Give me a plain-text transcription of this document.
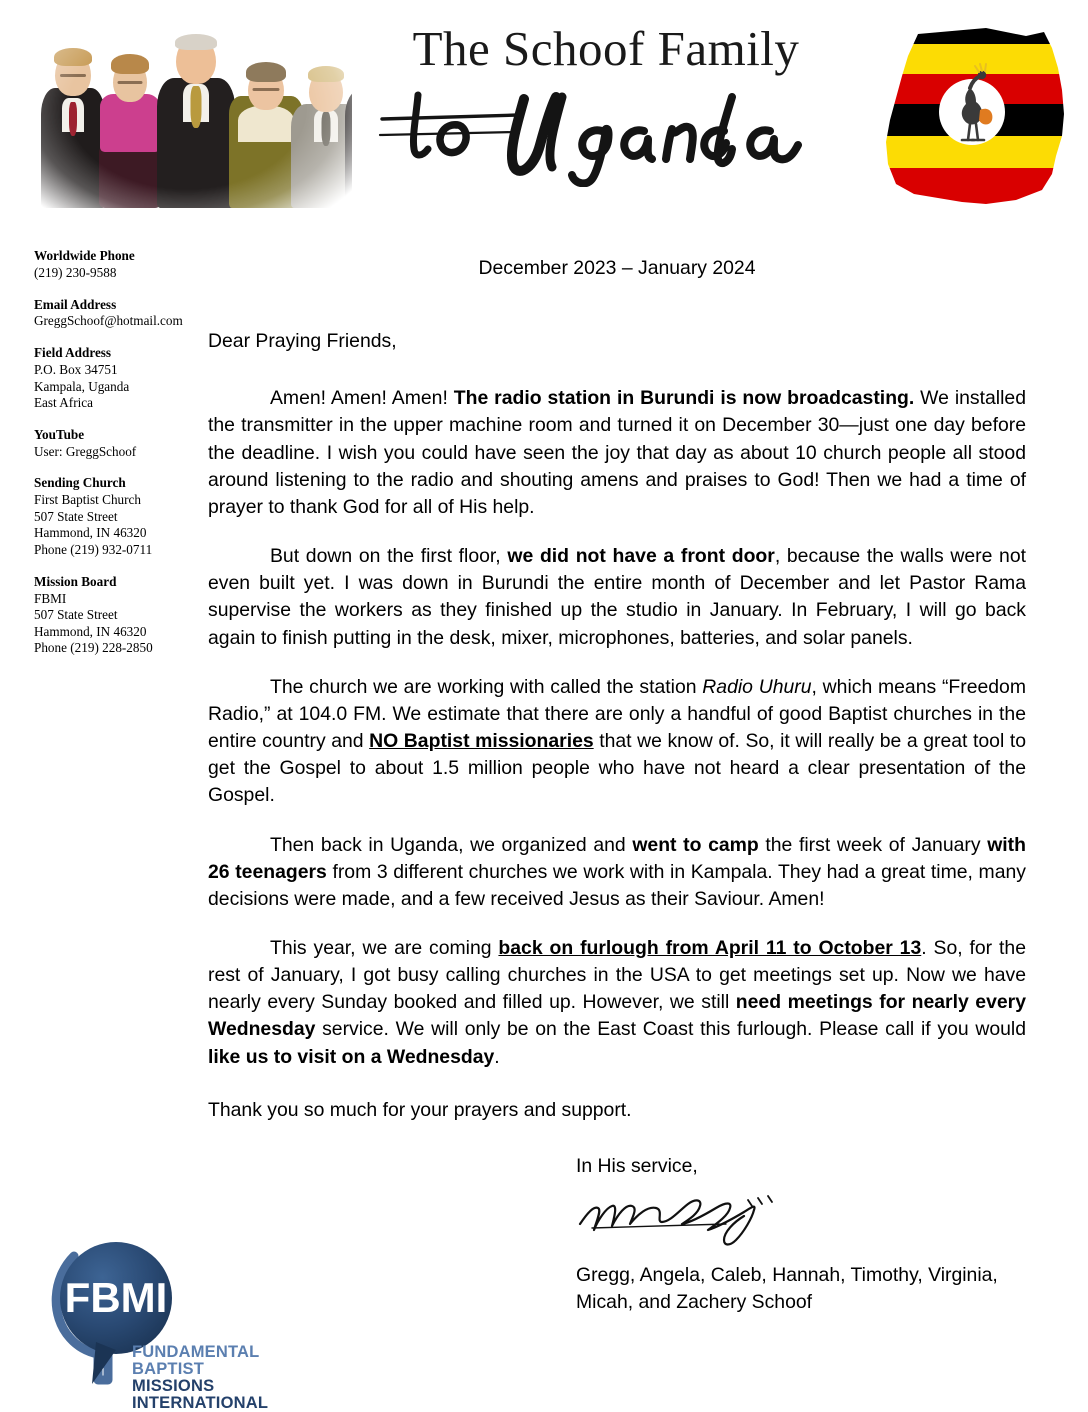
The Schoof Family
Worldwide Phone
(219) 230-9588
Email Address
GreggSchoof@hotmail.com
Field Address
P.O. Box 34751
Kampala, Uganda
East Africa
YouTube
User: GreggSchoof
Sending Church
First Baptist Church
507 State Street
Hammond, IN 46320
Phone (219) 932-0711
Mission Board
FBMI
507 State Street
Hammond, IN 46320
Phone (219) 228-2850
December 2023 – January 2024
Dear Praying Friends,

Amen! Amen! Amen! The radio station in Burundi is now broadcasting. We installed the transmitter in the upper machine room and turned it on December 30—just one day before the deadline. I wish you could have seen the joy that day as about 10 church people all stood around listening to the radio and shouting amens and praises to God! Then we had a time of prayer to thank God for all of His help.

But down on the first floor, we did not have a front door, because the walls were not even built yet. I was down in Burundi the entire month of December and let Pastor Rama supervise the workers as they finished up the studio in January. In February, I will go back again to finish putting in the desk, mixer, microphones, batteries, and solar panels.

The church we are working with called the station Radio Uhuru, which means “Freedom Radio,” at 104.0 FM. We estimate that there are only a handful of good Baptist churches in the entire country and NO Baptist missionaries that we know of. So, it will really be a great tool to get the Gospel to about 1.5 million people who have not heard a clear presentation of the Gospel.

Then back in Uganda, we organized and went to camp the first week of January with 26 teenagers from 3 different churches we work with in Kampala. They had a great time, many decisions were made, and a few received Jesus as their Saviour. Amen!

This year, we are coming back on furlough from April 11 to October 13. So, for the rest of January, I got busy calling churches in the USA to get meetings set up. Now we have nearly every Sunday booked and filled up. However, we still need meetings for nearly every Wednesday service. We will only be on the East Coast this furlough. Please call if you would like us to visit on a Wednesday.

Thank you so much for your prayers and support.
In His service,
Gregg, Angela, Caleb, Hannah, Timothy, Virginia,
Micah, and Zachery Schoof
FBMI
FUNDAMENTAL BAPTIST
MISSIONS INTERNATIONAL
